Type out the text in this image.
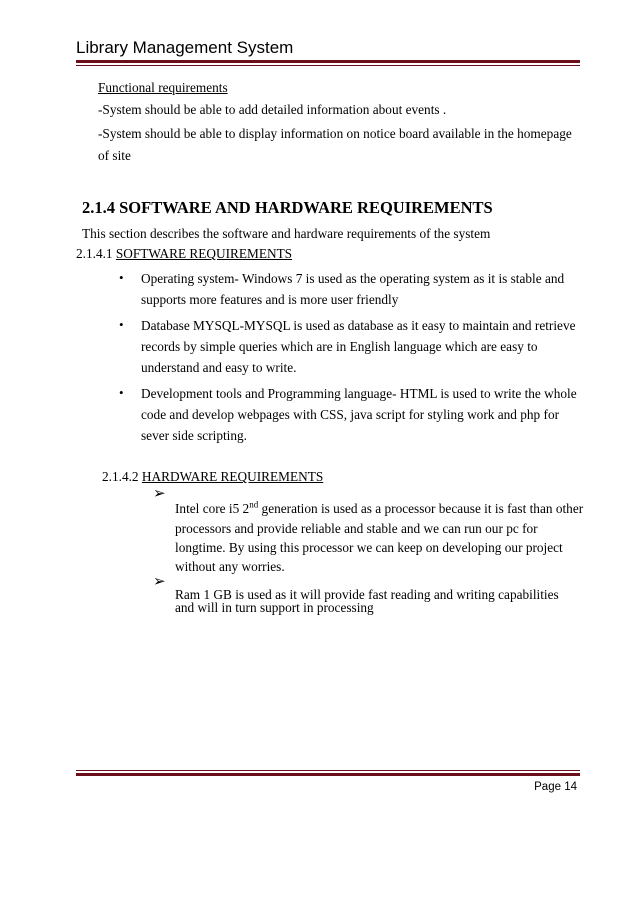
Library Management System
Functional requirements
-System should be able to add detailed information about events .
-System should be able to display information on notice board available in the homepage
of site
2.1.4 SOFTWARE AND HARDWARE REQUIREMENTS
This section describes the software and hardware requirements of the system
2.1.4.1 SOFTWARE REQUIREMENTS
• Operating system- Windows 7 is used as the operating system as it is stable and
supports more features and is more user friendly
• Database MYSQL-MYSQL is used as database as it easy to maintain and retrieve
records by simple queries which are in English language which are easy to
understand and easy to write.
• Development tools and Programming language- HTML is used to write the whole
code and develop webpages with CSS, java script for styling work and php for
sever side scripting.
2.1.4.2 HARDWARE REQUIREMENTS
➢
Intel core i5 2nd generation is used as a processor because it is fast than other
processors and provide reliable and stable and we can run our pc for
longtime. By using this processor we can keep on developing our project
without any worries.
➢
Ram 1 GB is used as it will provide fast reading and writing capabilities
and will in turn support in processing
Page 14
